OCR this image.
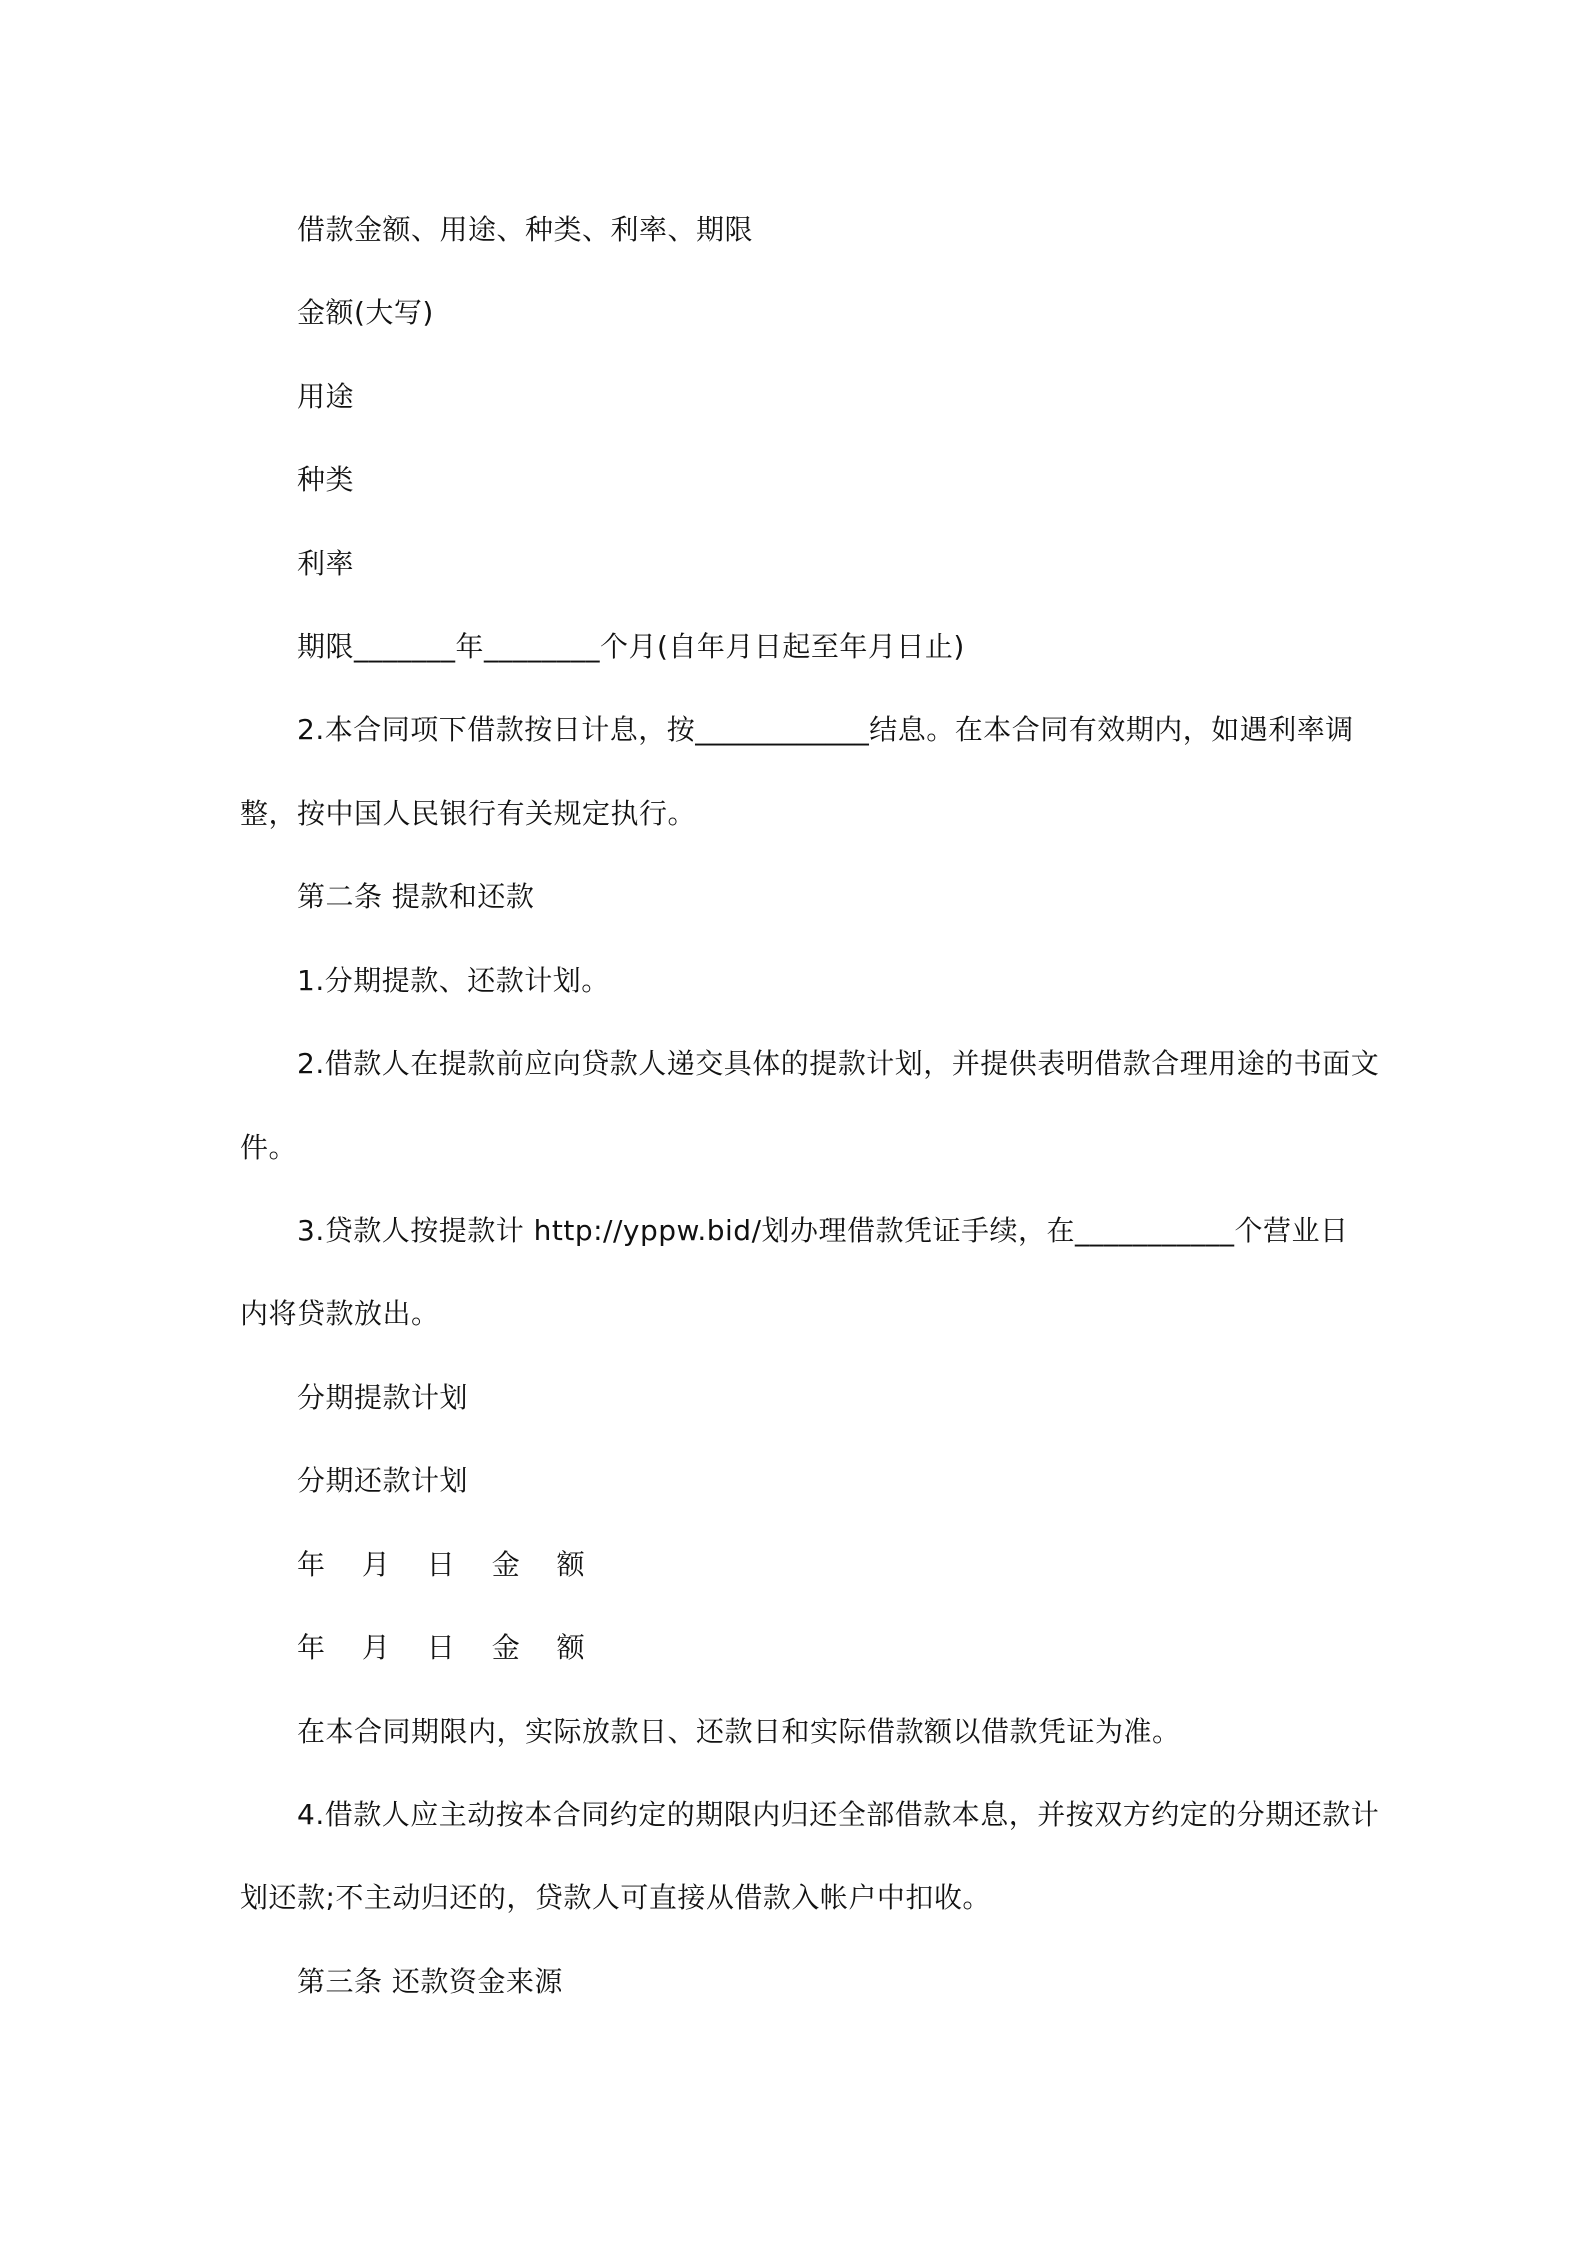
借款金额、用途、种类、利率、期限
金额(大写)
用途
种类
利率
期限_______年________个月(自年月日起至年月日止)
2.本合同项下借款按日计息，按____________结息。在本合同有效期内，如遇利率调
整，按中国人民银行有关规定执行。
第二条 提款和还款
1.分期提款、还款计划。
2.借款人在提款前应向贷款人递交具体的提款计划，并提供表明借款合理用途的书面文
件。
3.贷款人按提款计 http://yppw.bid/划办理借款凭证手续，在___________个营业日
内将贷款放出。
分期提款计划
分期还款计划
年 月 日 金 额
年 月 日 金 额
在本合同期限内，实际放款日、还款日和实际借款额以借款凭证为准。
4.借款人应主动按本合同约定的期限内归还全部借款本息，并按双方约定的分期还款计
划还款;不主动归还的，贷款人可直接从借款入帐户中扣收。
第三条 还款资金来源
